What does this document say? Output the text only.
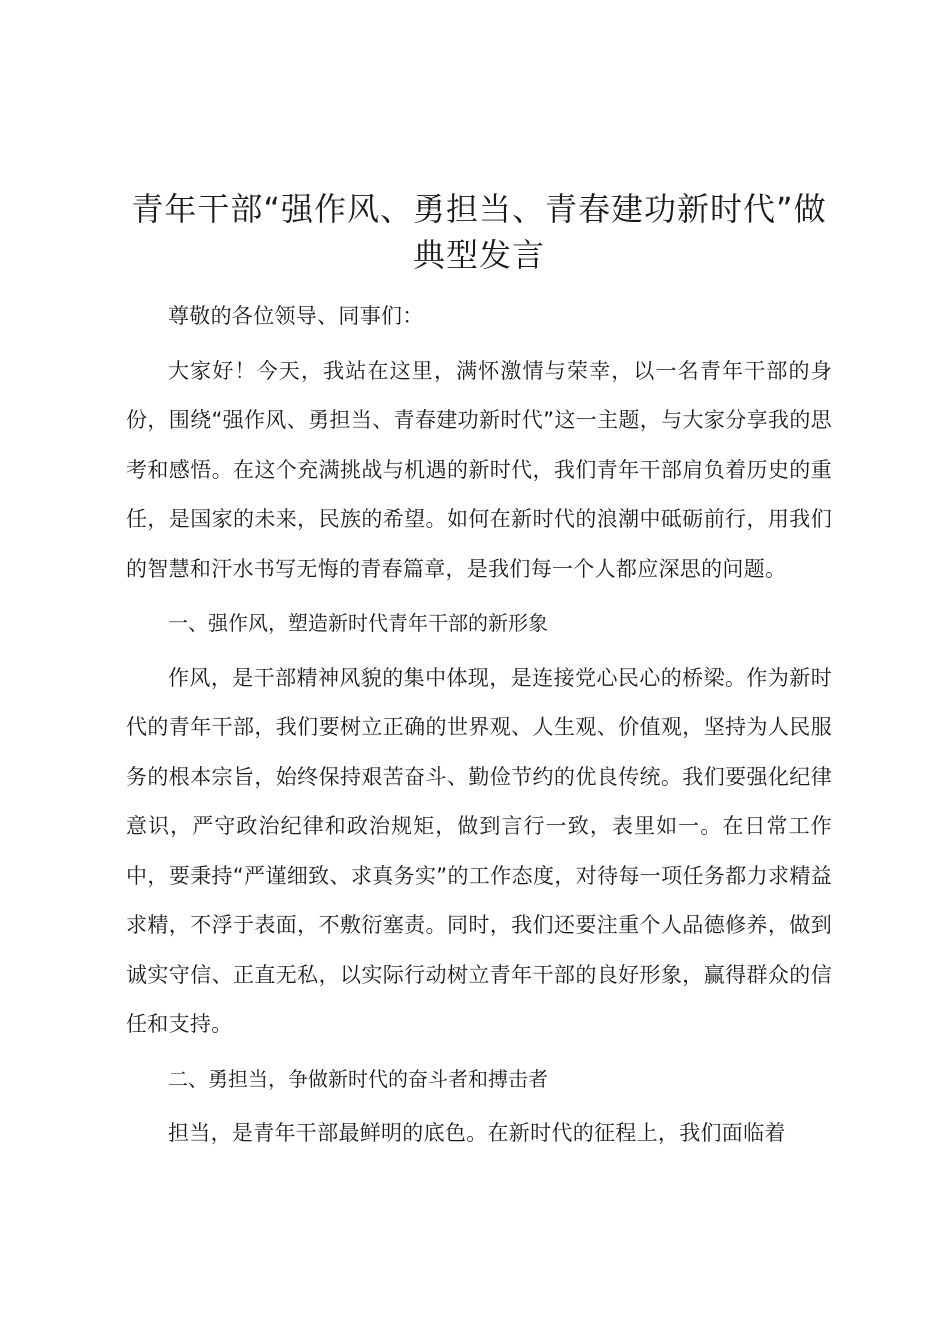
青年干部“强作风、勇担当、青春建功新时代”做典型发言

尊敬的各位领导、同事们：

大家好！今天，我站在这里，满怀激情与荣幸，以一名青年干部的身份，围绕“强作风、勇担当、青春建功新时代”这一主题，与大家分享我的思考和感悟。在这个充满挑战与机遇的新时代，我们青年干部肩负着历史的重任，是国家的未来，民族的希望。如何在新时代的浪潮中砥砺前行，用我们的智慧和汗水书写无悔的青春篇章，是我们每一个人都应深思的问题。

一、强作风，塑造新时代青年干部的新形象

作风，是干部精神风貌的集中体现，是连接党心民心的桥梁。作为新时代的青年干部，我们要树立正确的世界观、人生观、价值观，坚持为人民服务的根本宗旨，始终保持艰苦奋斗、勤俭节约的优良传统。我们要强化纪律意识，严守政治纪律和政治规矩，做到言行一致，表里如一。在日常工作中，要秉持“严谨细致、求真务实”的工作态度，对待每一项任务都力求精益求精，不浮于表面，不敷衍塞责。同时，我们还要注重个人品德修养，做到诚实守信、正直无私，以实际行动树立青年干部的良好形象，赢得群众的信任和支持。

二、勇担当，争做新时代的奋斗者和搏击者

担当，是青年干部最鲜明的底色。在新时代的征程上，我们面临着
